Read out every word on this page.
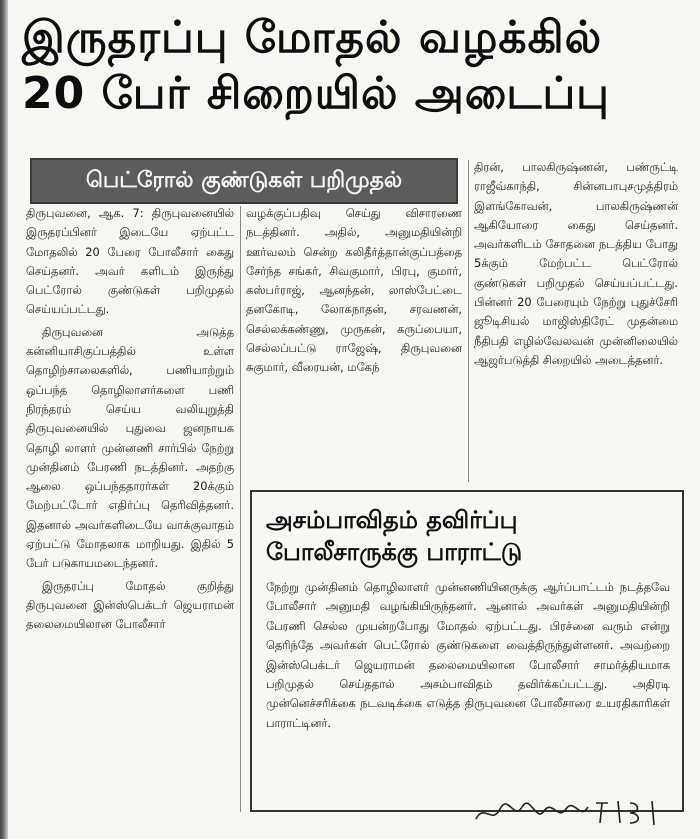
இருதரப்பு மோதல் வழக்கில்
20 பேர் சிறையில் அடைப்பு
பெட்ரோல் குண்டுகள் பறிமுதல்

திருபுவனை, ஆக. 7: திருபுவனையில் இருதரப்பினர் இடையே ஏற்பட்ட மோதலில் 20 பேரை போலீசார் கைது செய்தனர். அவர் களிடம் இருந்து பெட்ரோல் குண்டுகள் பறிமுதல் செய்யப்பட்டது.

திருபுவனை அடுத்த கன்னியாசிகுப்பத்தில் உள்ள தொழிற்சாலைகளில், பணியாற்றும் ஒப்பந்த தொழிலாளர்களை பணி நிரந்தரம் செய்ய வலியுறுத்தி திருபுவனையில் புதுவை ஜனநாயக தொழி லாளர் முன்னணி சார்பில் நேற்று முன்தினம் பேரணி நடத்தினர். அதற்கு ஆலை ஒப்பந்ததாரர்கள் 20க்கும் மேற்பட்டோர் எதிர்ப்பு தெரிவித்தனர். இதனால் அவர்களிடையே வாக்குவாதம் ஏற்பட்டு மோதலாக மாறியது. இதில் 5 பேர் படுகாயமடைந்தனர்.

இருதரப்பு மோதல் குறித்து திருபுவனை இன்ஸ்பெக்டர் ஜெயராமன் தலைமையிலான போலீசார்

வழக்குப்பதிவு செய்து விசாரணை நடத்தினர். அதில், அனுமதியின்றி ஊர்வலம் சென்ற கலிதீர்த்தான்குப்பத்தை சேர்ந்த சங்கர், சிவகுமார், பிரபு, குமார், கஸ்பர்ராஜ், ஆனந்தன், லாஸ்பேட்டை தனகோடி, லோகநாதன், சரவணன், செல்லக்கண்ணு, முருகன், கருப்பையா, செல்லப்பட்டு ராஜேஷ், திருபுவனை சுகுமார், வீரையன், மகேந்

திரன், பாலகிருஷ்ணன், பண்ருட்டி ராஜீவ்காந்தி, சின்னபாபுசமுத்திரம் இளங்கோவன், பாலகிருஷ்ணன் ஆகியோரை கைது செய்தனர். அவர்களிடம் சோதனை நடத்திய போது 5க்கும் மேற்பட்ட பெட்ரோல் குண்டுகள் பறிமுதல் செய்யப்பட்டது. பின்னர் 20 பேரையும் நேற்று புதுச்சேரி ஜூடிசியல் மாஜிஸ்திரேட் முதன்மை நீதிபதி எழில்வேலவன் முன்னிலையில் ஆஜர்படுத்தி சிறையில் அடைத்தனர்.

அசம்பாவிதம் தவிர்ப்பு
போலீசாருக்கு பாராட்டு
நேற்று முன்தினம் தொழிலாளர் முன்னணியினருக்கு ஆர்ப்பாட்டம் நடத்தவே போலீசார் அனுமதி வழங்கியிருந்தனர். ஆனால் அவர்கள் அனுமதியின்றி பேரணி செல்ல முயன்றபோது மோதல் ஏற்பட்டது. பிரச்னை வரும் என்று தெரிந்தே அவர்கள் பெட்ரோல் குண்டுகளை வைத்திருந்துள்ளனர். அவற்றை இன்ஸ்பெக்டர் ஜெயராமன் தலைமையிலான போலீசார் சாமர்த்தியமாக பறிமுதல் செய்ததால் அசம்பாவிதம் தவிர்க்கப்பட்டது. அதிரடி முன்னெச்சரிக்கை நடவடிக்கை எடுத்த திருபுவனை போலீசாரை உயரதிகாரிகள் பாராட்டினர்.
